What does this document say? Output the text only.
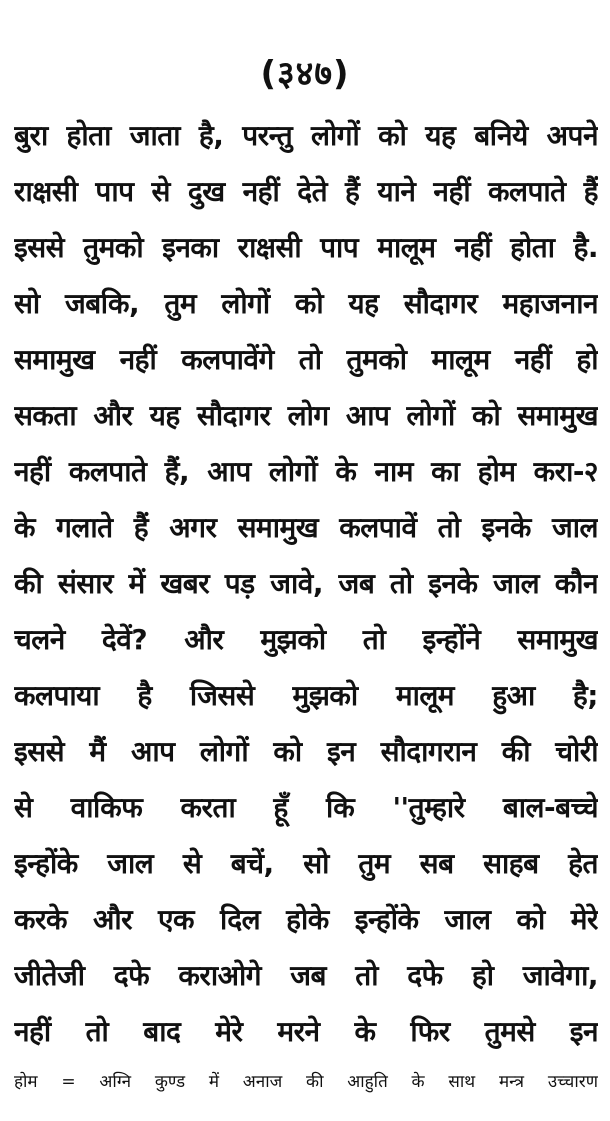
(३४७)
बुरा होता जाता है, परन्तु लोगों को यह बनिये अपने
राक्षसी पाप से दुख नहीं देते हैं याने नहीं कलपाते हैं
इससे तुमको इनका राक्षसी पाप मालूम नहीं होता है.
सो जबकि, तुम लोगों को यह सौदागर महाजनान
समामुख नहीं कलपावेंगे तो तुमको मालूम नहीं हो
सकता और यह सौदागर लोग आप लोगों को समामुख
नहीं कलपाते हैं, आप लोगों के नाम का होम करा-२
के गलाते हैं अगर समामुख कलपावें तो इनके जाल
की संसार में खबर पड़ जावे, जब तो इनके जाल कौन
चलने देवें? और मुझको तो इन्होंने समामुख
कलपाया है जिससे मुझको मालूम हुआ है;
इससे मैं आप लोगों को इन सौदागरान की चोरी
से वाकिफ करता हूँ कि ''तुम्हारे बाल-बच्चे
इन्होंके जाल से बचें, सो तुम सब साहब हेत
करके और एक दिल होके इन्होंके जाल को मेरे
जीतेजी दफे कराओगे जब तो दफे हो जावेगा,
नहीं तो बाद मेरे मरने के फिर तुमसे इन
होम = अग्नि कुण्ड में अनाज की आहुति के साथ मन्त्र उच्चारण
